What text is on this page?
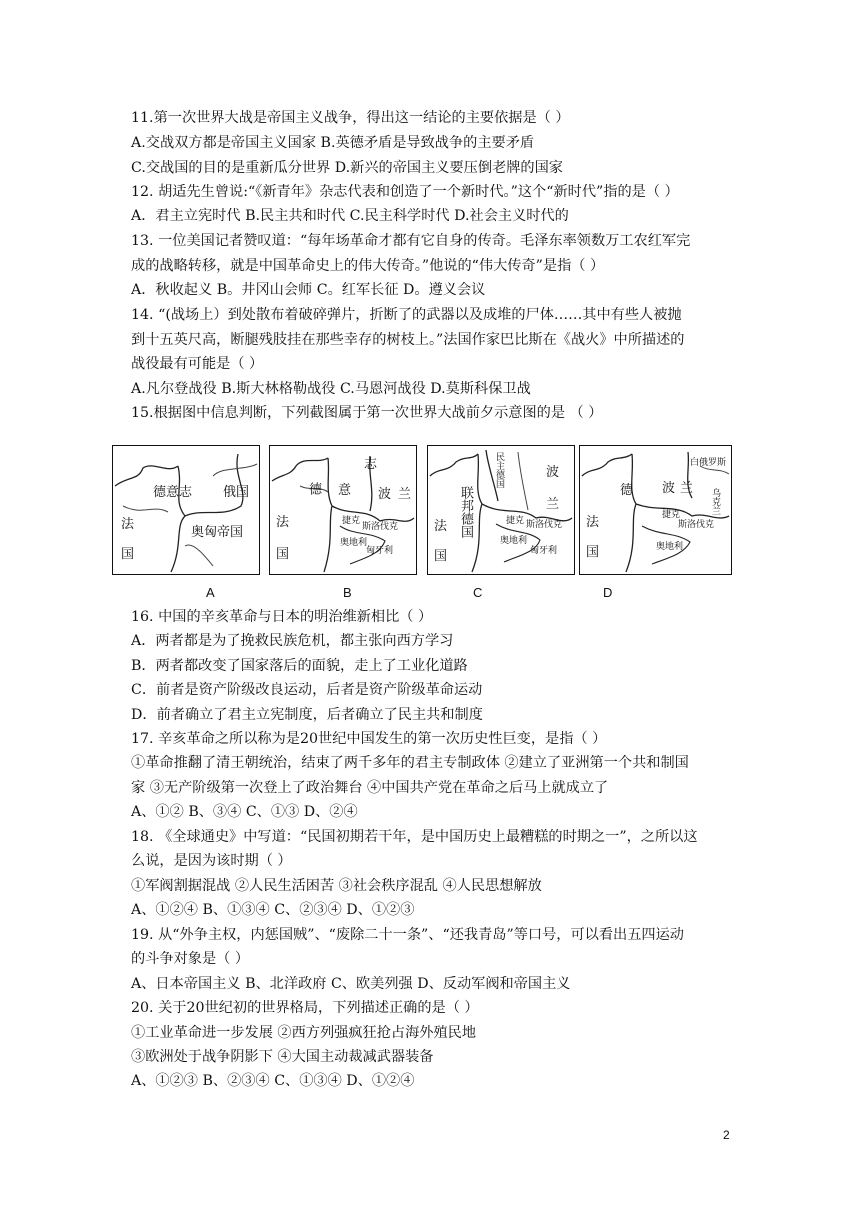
11.第一次世界大战是帝国主义战争，得出这一结论的主要依据是（ ）
A.交战双方都是帝国主义国家 B.英德矛盾是导致战争的主要矛盾
C.交战国的目的是重新瓜分世界 D.新兴的帝国主义要压倒老牌的国家
12. 胡适先生曾说:“《新青年》杂志代表和创造了一个新时代。”这个“新时代”指的是（ ）
A．君主立宪时代 B.民主共和时代 C.民主科学时代 D.社会主义时代的
13. 一位美国记者赞叹道：“每年场革命才都有它自身的传奇。毛泽东率领数万工农红军完
成的战略转移，就是中国革命史上的伟大传奇。”他说的“伟大传奇”是指（ ）
A．秋收起义 B。井冈山会师 C。红军长征 D。遵义会议
14. “(战场上）到处散布着破碎弹片，折断了的武器以及成堆的尸体……其中有些人被抛
到十五英尺高，断腿残肢挂在那些幸存的树枝上。”法国作家巴比斯在《战火》中所描述的
战役最有可能是（ ）
A.凡尔登战役 B.斯大林格勒战役 C.马恩河战役 D.莫斯科保卫战
15.根据图中信息判断，下列截图属于第一次世界大战前夕示意图的是 （ ）
德意志 俄国
法
国
奥匈帝国
德 意
志
波 兰
法
国
捷克
斯洛伐克
奥地利
匈牙利
民主德国
联邦德国
波
兰
法
国
捷克 斯洛伐克
奥地利
匈牙利
白俄罗斯
德 波 兰 乌克兰
法
国
捷克
斯洛伐克
奥地利
A	B	C	D
16. 中国的辛亥革命与日本的明治维新相比（ ）
A．两者都是为了挽救民族危机，都主张向西方学习
B．两者都改变了国家落后的面貌，走上了工业化道路
C．前者是资产阶级改良运动，后者是资产阶级革命运动
D．前者确立了君主立宪制度，后者确立了民主共和制度
17. 辛亥革命之所以称为是20世纪中国发生的第一次历史性巨变，是指（ ）
①革命推翻了清王朝统治，结束了两千多年的君主专制政体 ②建立了亚洲第一个共和制国
家 ③无产阶级第一次登上了政治舞台 ④中国共产党在革命之后马上就成立了
A、①② B、③④ C、①③ D、②④
18. 《全球通史》中写道：“民国初期若干年，是中国历史上最糟糕的时期之一”，之所以这
么说，是因为该时期（ ）
①军阀割据混战 ②人民生活困苦 ③社会秩序混乱 ④人民思想解放
A、①②④ B、①③④ C、②③④ D、①②③
19. 从“外争主权，内惩国贼”、“废除二十一条”、“还我青岛”等口号，可以看出五四运动
的斗争对象是（ ）
A、日本帝国主义 B、北洋政府 C、欧美列强 D、反动军阀和帝国主义
20. 关于20世纪初的世界格局，下列描述正确的是（ ）
①工业革命进一步发展 ②西方列强疯狂抢占海外殖民地
③欧洲处于战争阴影下 ④大国主动裁减武器装备
A、①②③ B、②③④ C、①③④ D、①②④
2
